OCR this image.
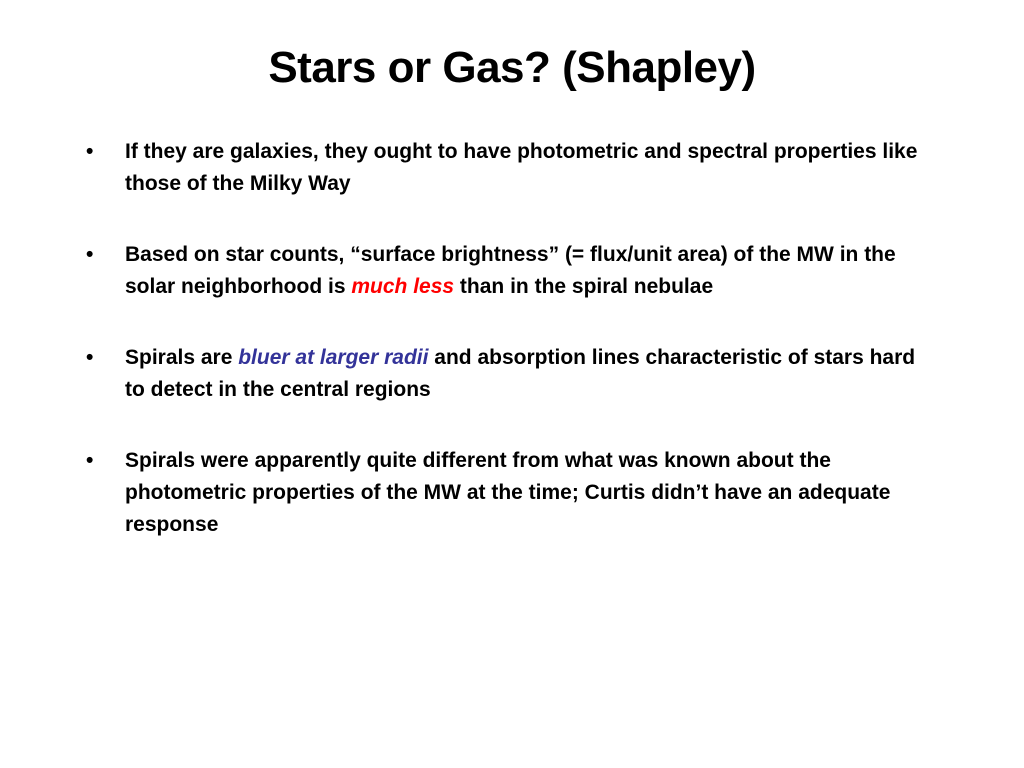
Stars or Gas? (Shapley)
•	If they are galaxies, they ought to have photometric and spectral properties like those of the Milky Way
•	Based on star counts, “surface brightness” (= flux/unit area) of the MW in the solar neighborhood is much less than in the spiral nebulae
•	Spirals are bluer at larger radii and absorption lines characteristic of stars hard to detect in the central regions
•	Spirals were apparently quite different from what was known about the photometric properties of the MW at the time; Curtis didn’t have an adequate response
